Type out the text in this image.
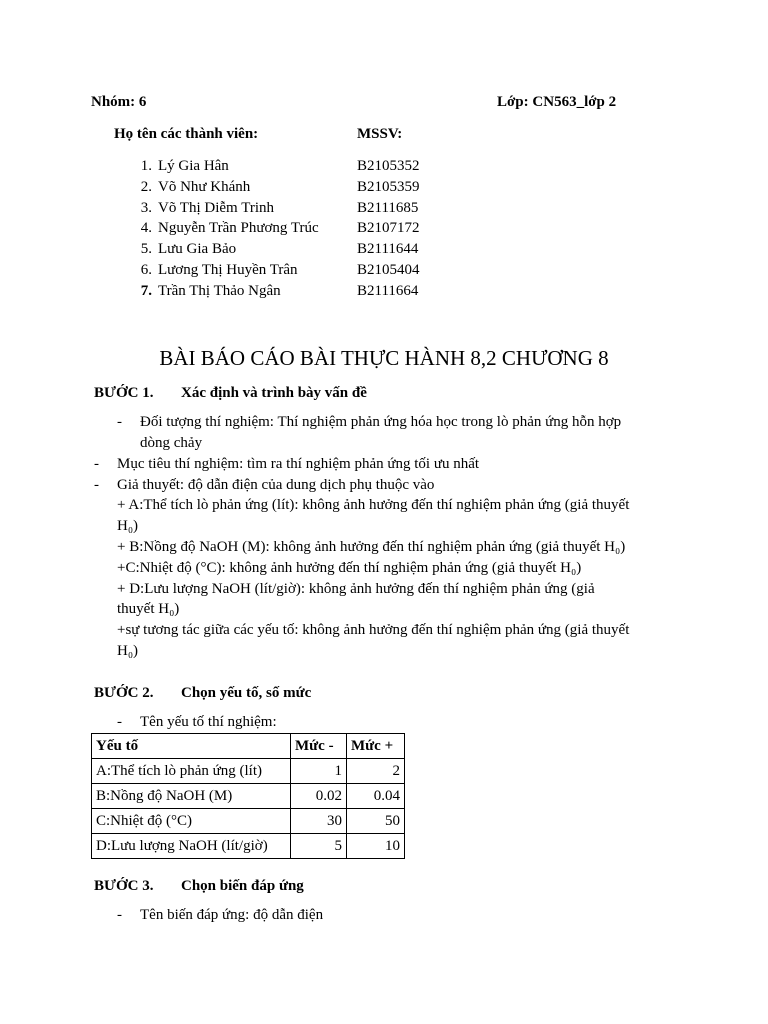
Nhóm: 6	Lớp: CN563_lớp 2
Họ tên các thành viên:	MSSV:
1. Lý Gia Hân	B2105352
2. Võ Như Khánh	B2105359
3. Võ Thị Diễm Trinh	B2111685
4. Nguyễn Trần Phương Trúc	B2107172
5. Lưu Gia Bảo	B2111644
6. Lương Thị Huyền Trân	B2105404
7. Trần Thị Thảo Ngân	B2111664
BÀI BÁO CÁO BÀI THỰC HÀNH 8,2 CHƯƠNG 8
BƯỚC 1. Xác định và trình bày vấn đề
- Đối tượng thí nghiệm: Thí nghiệm phản ứng hóa học trong lò phản ứng hỗn hợp
dòng chảy
- Mục tiêu thí nghiệm: tìm ra thí nghiệm phản ứng tối ưu nhất
- Giả thuyết: độ dẫn điện của dung dịch phụ thuộc vào
+ A:Thể tích lò phản ứng (lít): không ảnh hưởng đến thí nghiệm phản ứng (giả thuyết
H₀)
+ B:Nồng độ NaOH (M): không ảnh hưởng đến thí nghiệm phản ứng (giả thuyết H₀)
+C:Nhiệt độ (°C): không ảnh hưởng đến thí nghiệm phản ứng (giả thuyết H₀)
+ D:Lưu lượng NaOH (lít/giờ): không ảnh hưởng đến thí nghiệm phản ứng (giả
thuyết H₀)
+sự tương tác giữa các yếu tố: không ảnh hưởng đến thí nghiệm phản ứng (giả thuyết
H₀)
BƯỚC 2. Chọn yếu tố, số mức
- Tên yếu tố thí nghiệm:
Yếu tố	Mức -	Mức +
A:Thể tích lò phản ứng (lít)	1	2
B:Nồng độ NaOH (M)	0.02	0.04
C:Nhiệt độ (°C)	30	50
D:Lưu lượng NaOH (lít/giờ)	5	10
BƯỚC 3. Chọn biến đáp ứng
- Tên biến đáp ứng: độ dẫn điện
